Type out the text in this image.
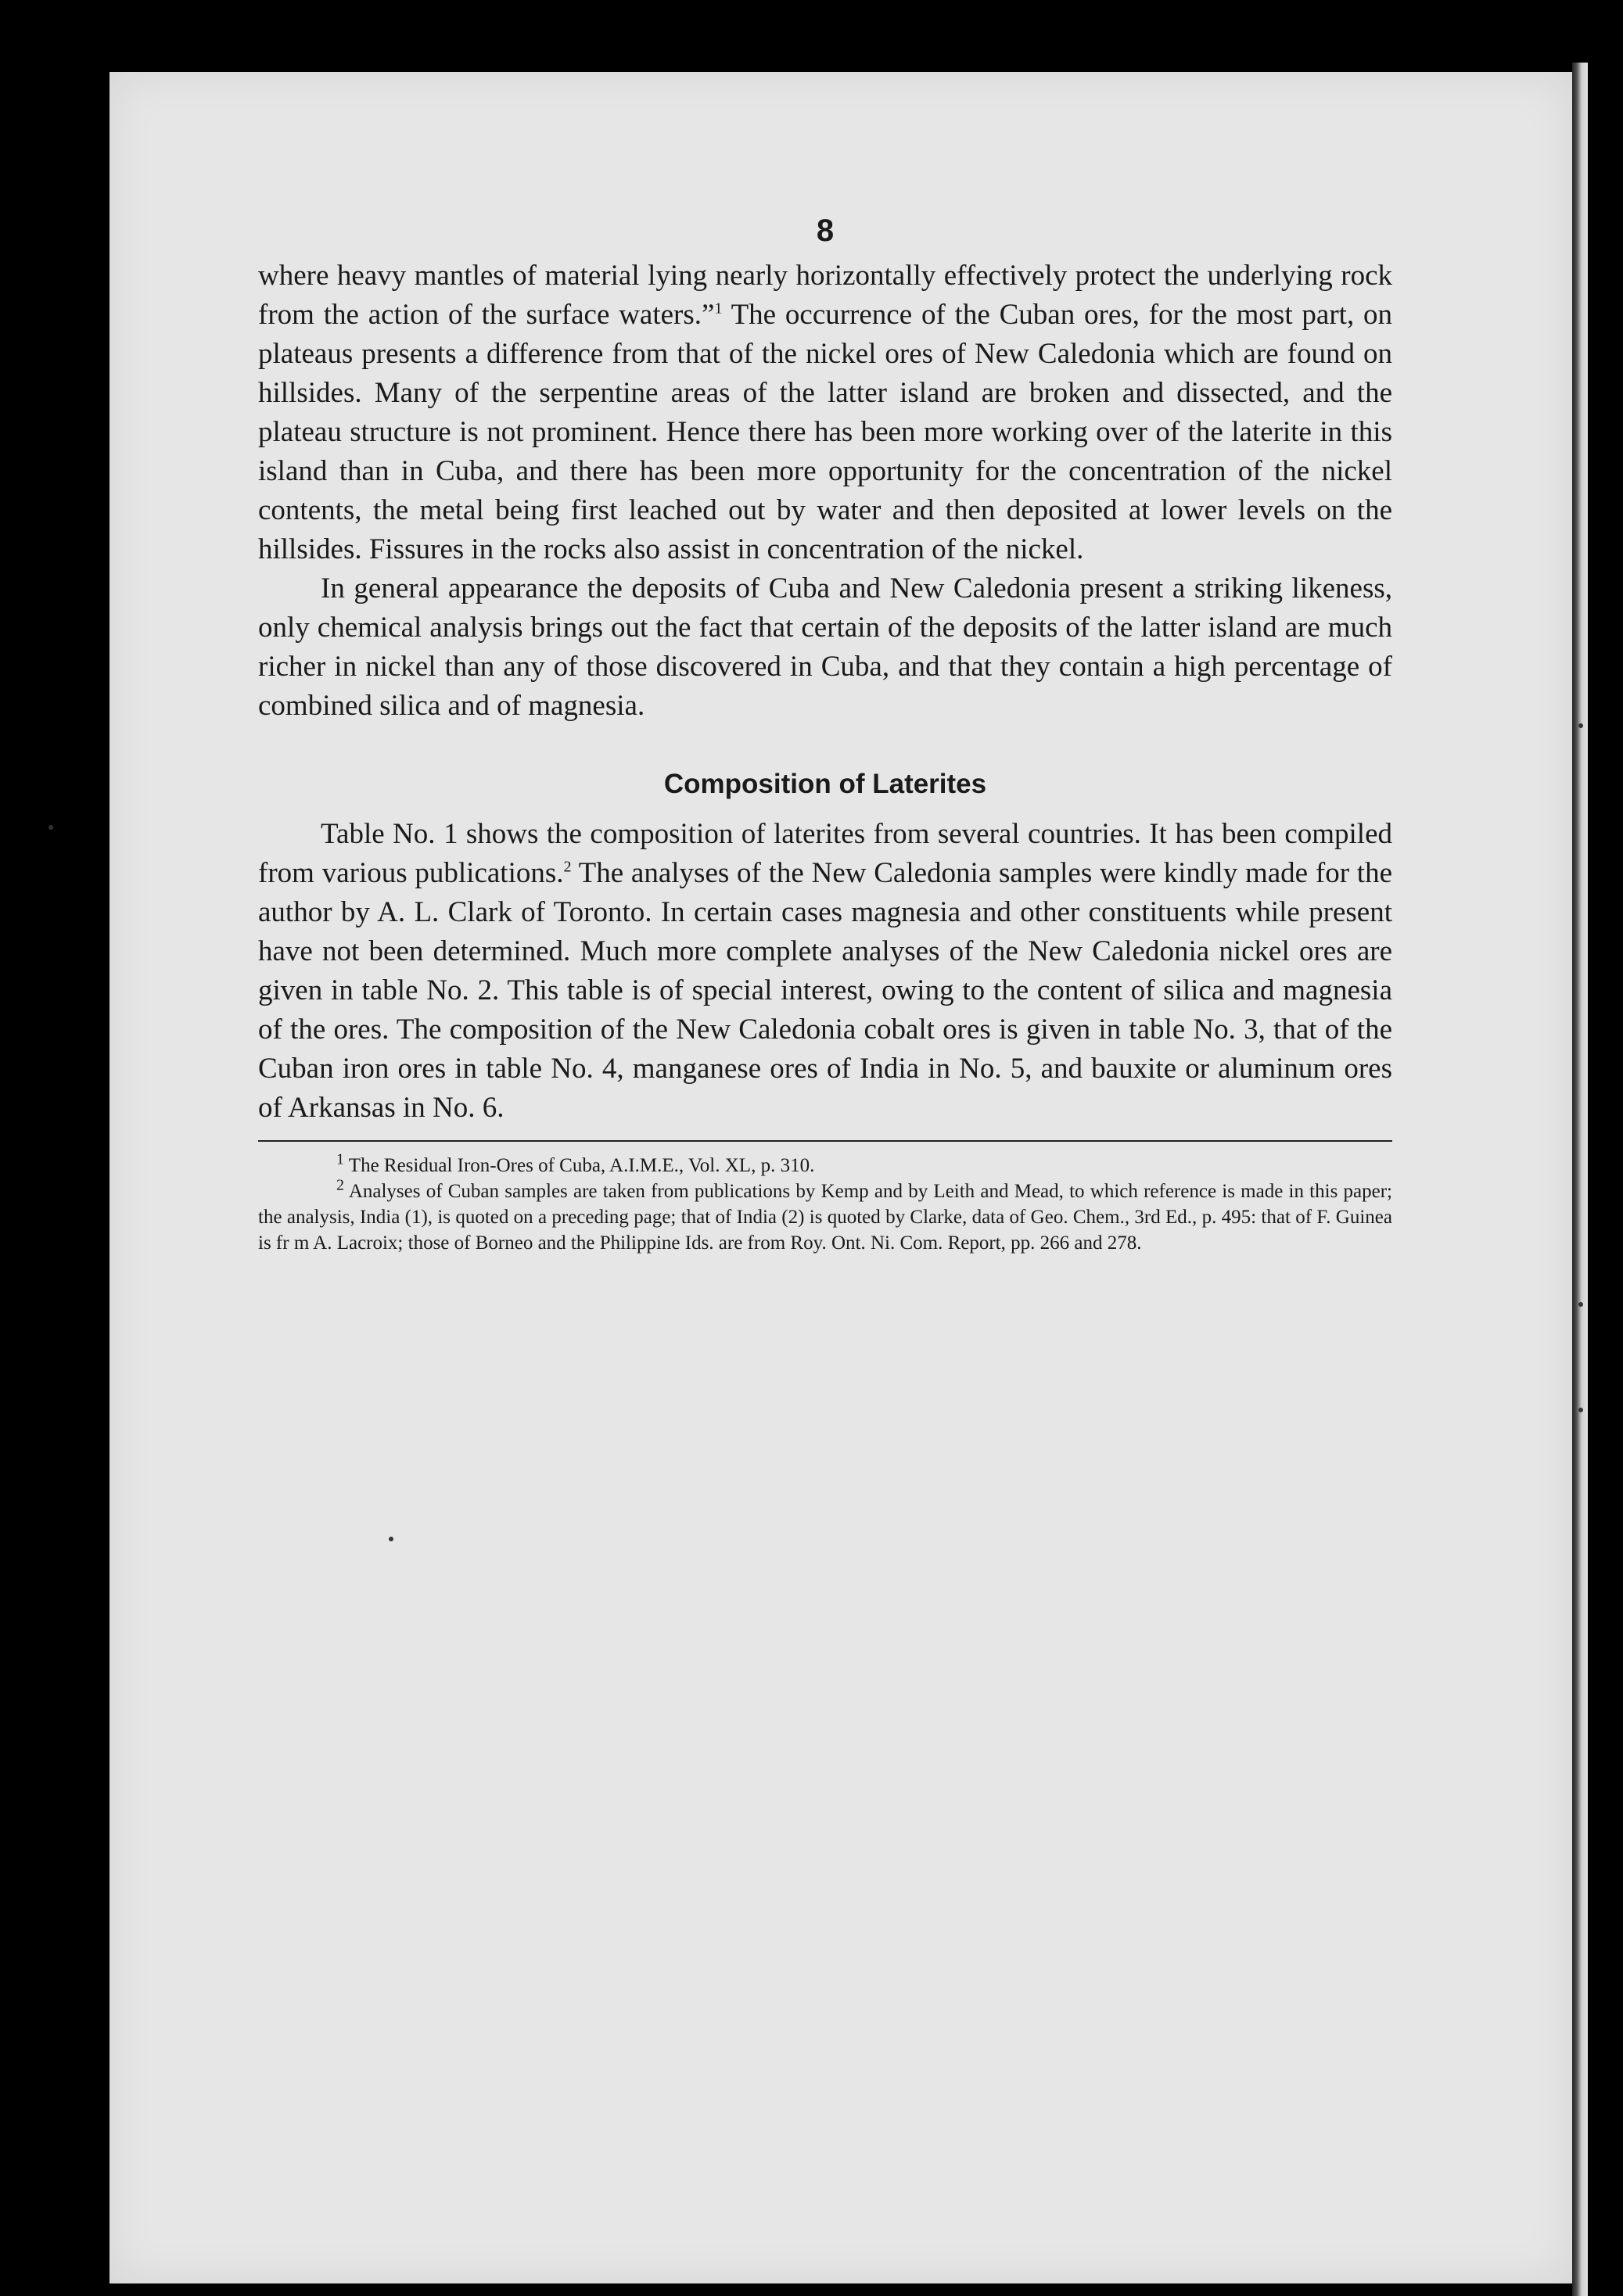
8

where heavy mantles of material lying nearly horizontally effectively protect the underlying rock from the action of the surface waters.”$^1$ The occurrence of the Cuban ores, for the most part, on plateaus presents a difference from that of the nickel ores of New Caledonia which are found on hillsides. Many of the serpentine areas of the latter island are broken and dissected, and the plateau structure is not prominent. Hence there has been more working over of the laterite in this island than in Cuba, and there has been more opportunity for the concentration of the nickel contents, the metal being first leached out by water and then deposited at lower levels on the hillsides. Fissures in the rocks also assist in concentration of the nickel.

In general appearance the deposits of Cuba and New Caledonia present a striking likeness, only chemical analysis brings out the fact that certain of the deposits of the latter island are much richer in nickel than any of those discovered in Cuba, and that they contain a high percentage of combined silica and of magnesia.

Composition of Laterites

Table No. 1 shows the composition of laterites from several countries. It has been compiled from various publications.$^2$ The analyses of the New Caledonia samples were kindly made for the author by A. L. Clark of Toronto. In certain cases magnesia and other constituents while present have not been determined. Much more complete analyses of the New Caledonia nickel ores are given in table No. 2. This table is of special interest, owing to the content of silica and magnesia of the ores. The composition of the New Caledonia cobalt ores is given in table No. 3, that of the Cuban iron ores in table No. 4, manganese ores of India in No. 5, and bauxite or aluminum ores of Arkansas in No. 6.

$^1$ The Residual Iron-Ores of Cuba, A.I.M.E., Vol. XL, p. 310.

$^2$ Analyses of Cuban samples are taken from publications by Kemp and by Leith and Mead, to which reference is made in this paper; the analysis, India (1), is quoted on a preceding page; that of India (2) is quoted by Clarke, data of Geo. Chem., 3rd Ed., p. 495: that of F. Guinea is fr m A. Lacroix; those of Borneo and the Philippine Ids. are from Roy. Ont. Ni. Com. Report, pp. 266 and 278.
